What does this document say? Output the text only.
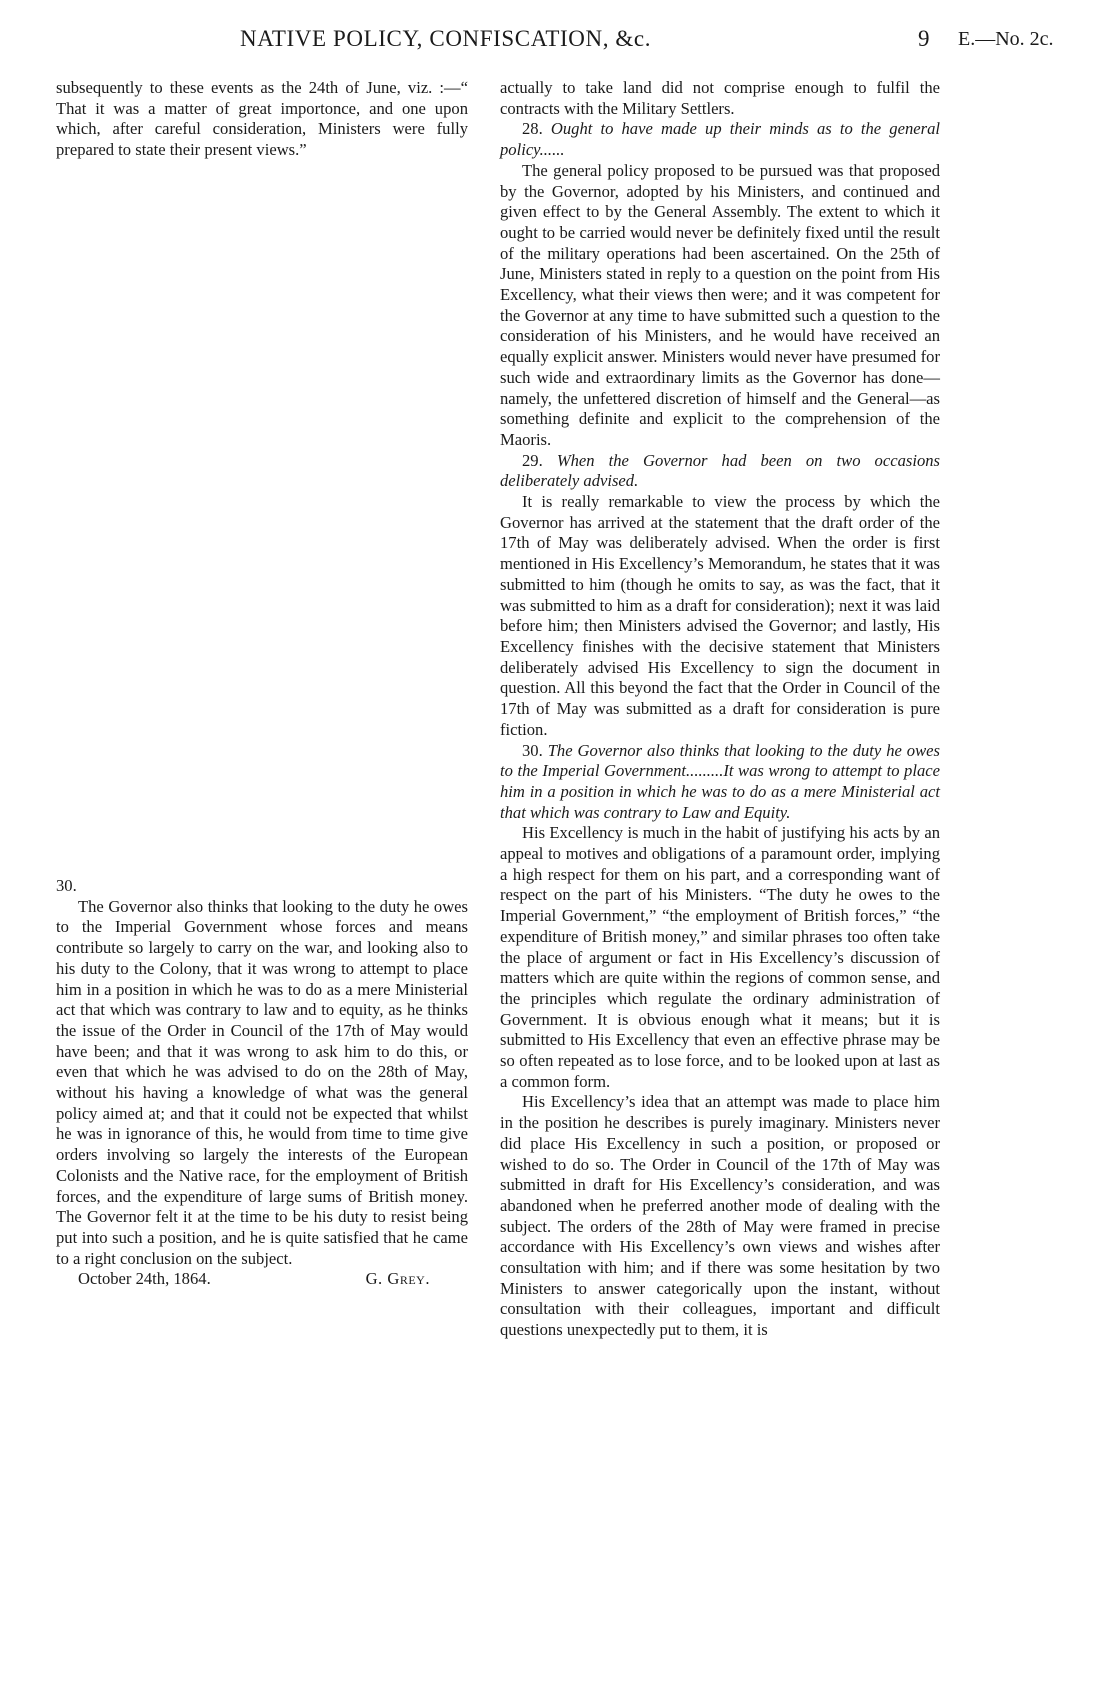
NATIVE POLICY, CONFISCATION, &c.	9 E.—No. 2c.

subsequently to these events as the 24th of June, viz. :—“ That it was a matter of great importonce, and one upon which, after careful consideration, Ministers were fully prepared to state their present views.”

30.

The Governor also thinks that looking to the duty he owes to the Imperial Government whose forces and means contribute so largely to carry on the war, and looking also to his duty to the Colony, that it was wrong to attempt to place him in a position in which he was to do as a mere Ministerial act that which was contrary to law and to equity, as he thinks the issue of the Order in Council of the 17th of May would have been; and that it was wrong to ask him to do this, or even that which he was advised to do on the 28th of May, without his having a knowledge of what was the general policy aimed at; and that it could not be expected that whilst he was in ignorance of this, he would from time to time give orders involving so largely the interests of the European Colonists and the Native race, for the employment of British forces, and the expenditure of large sums of British money. The Governor felt it at the time to be his duty to resist being put into such a position, and he is quite satisfied that he came to a right conclusion on the subject.

October 24th, 1864.	G. Grey.

actually to take land did not comprise enough to fulfil the contracts with the Military Settlers.

28. Ought to have made up their minds as to the general policy......

The general policy proposed to be pursued was that proposed by the Governor, adopted by his Ministers, and continued and given effect to by the General Assembly. The extent to which it ought to be carried would never be definitely fixed until the result of the military operations had been ascertained. On the 25th of June, Ministers stated in reply to a question on the point from His Excellency, what their views then were; and it was competent for the Governor at any time to have submitted such a question to the consideration of his Ministers, and he would have received an equally explicit answer. Ministers would never have presumed for such wide and extraordinary limits as the Governor has done—namely, the unfettered discretion of himself and the General—as something definite and explicit to the comprehension of the Maoris.

29. When the Governor had been on two occasions deliberately advised.

It is really remarkable to view the process by which the Governor has arrived at the statement that the draft order of the 17th of May was deliberately advised. When the order is first mentioned in His Excellency’s Memorandum, he states that it was submitted to him (though he omits to say, as was the fact, that it was submitted to him as a draft for consideration); next it was laid before him; then Ministers advised the Governor; and lastly, His Excellency finishes with the decisive statement that Ministers deliberately advised His Excellency to sign the document in question. All this beyond the fact that the Order in Council of the 17th of May was submitted as a draft for consideration is pure fiction.

30. The Governor also thinks that looking to the duty he owes to the Imperial Government.........It was wrong to attempt to place him in a position in which he was to do as a mere Ministerial act that which was contrary to Law and Equity.

His Excellency is much in the habit of justifying his acts by an appeal to motives and obligations of a paramount order, implying a high respect for them on his part, and a corresponding want of respect on the part of his Ministers. “The duty he owes to the Imperial Government,” “the employment of British forces,” “the expenditure of British money,” and similar phrases too often take the place of argument or fact in His Excellency’s discussion of matters which are quite within the regions of common sense, and the principles which regulate the ordinary administration of Government. It is obvious enough what it means; but it is submitted to His Excellency that even an effective phrase may be so often repeated as to lose force, and to be looked upon at last as a common form.

His Excellency’s idea that an attempt was made to place him in the position he describes is purely imaginary. Ministers never did place His Excellency in such a position, or proposed or wished to do so. The Order in Council of the 17th of May was submitted in draft for His Excellency’s consideration, and was abandoned when he preferred another mode of dealing with the subject. The orders of the 28th of May were framed in precise accordance with His Excellency’s own views and wishes after consultation with him; and if there was some hesitation by two Ministers to answer categorically upon the instant, without consultation with their colleagues, important and difficult questions unexpectedly put to them, it is
